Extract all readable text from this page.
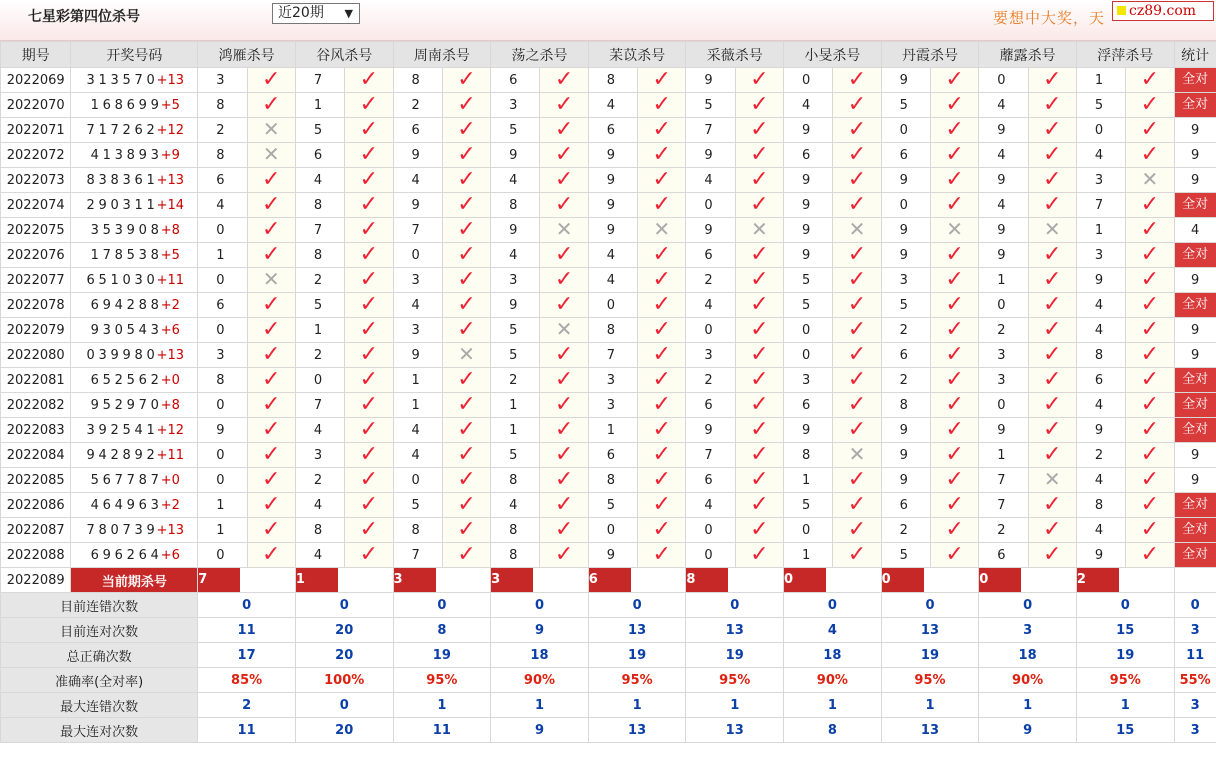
七星彩第四位杀号	近20期 ▼	要想中大奖，天	cz89.com
期号	开奖号码	鸿雁杀号		谷风杀号		周南杀号		荡之杀号		苿苡杀号		采薇杀号		小旻杀号		丹霞杀号		蘼露杀号		浮萍杀号		统计
2022069	3 1 3 5 7 0 +13	3	✓	7	✓	8	✓	6	✓	8	✓	9	✓	0	✓	9	✓	0	✓	1	✓	全对

2022070	1 6 8 6 9 9 +5	8	✓	1	✓	2	✓	3	✓	4	✓	5	✓	4	✓	5	✓	4	✓	5	✓	全对

2022071	7 1 7 2 6 2 +12	2	✕	5	✓	6	✓	5	✓	6	✓	7	✓	9	✓	0	✓	9	✓	0	✓	9
2022072	4 1 3 8 9 3 +9	8	✕	6	✓	9	✓	9	✓	9	✓	9	✓	6	✓	6	✓	4	✓	4	✓	9
2022073	8 3 8 3 6 1 +13	6	✓	4	✓	4	✓	4	✓	9	✓	4	✓	9	✓	9	✓	9	✓	3	✕	9
2022074	2 9 0 3 1 1 +14	4	✓	8	✓	9	✓	8	✓	9	✓	0	✓	9	✓	0	✓	4	✓	7	✓	全对

2022075	3 5 3 9 0 8 +8	0	✓	7	✓	7	✓	9	✕	9	✕	9	✕	9	✕	9	✕	9	✕	1	✓	4
2022076	1 7 8 5 3 8 +5	1	✓	8	✓	0	✓	4	✓	4	✓	6	✓	9	✓	9	✓	9	✓	3	✓	全对

2022077	6 5 1 0 3 0 +11	0	✕	2	✓	3	✓	3	✓	4	✓	2	✓	5	✓	3	✓	1	✓	9	✓	9
2022078	6 9 4 2 8 8 +2	6	✓	5	✓	4	✓	9	✓	0	✓	4	✓	5	✓	5	✓	0	✓	4	✓	全对

2022079	9 3 0 5 4 3 +6	0	✓	1	✓	3	✓	5	✕	8	✓	0	✓	0	✓	2	✓	2	✓	4	✓	9
2022080	0 3 9 9 8 0 +13	3	✓	2	✓	9	✕	5	✓	7	✓	3	✓	0	✓	6	✓	3	✓	8	✓	9
2022081	6 5 2 5 6 2 +0	8	✓	0	✓	1	✓	2	✓	3	✓	2	✓	3	✓	2	✓	3	✓	6	✓	全对

2022082	9 5 2 9 7 0 +8	0	✓	7	✓	1	✓	1	✓	3	✓	6	✓	6	✓	8	✓	0	✓	4	✓	全对

2022083	3 9 2 5 4 1 +12	9	✓	4	✓	4	✓	1	✓	1	✓	9	✓	9	✓	9	✓	9	✓	9	✓	全对

2022084	9 4 2 8 9 2 +11	0	✓	3	✓	4	✓	5	✓	6	✓	7	✓	8	✕	9	✓	1	✓	2	✓	9
2022085	5 6 7 7 8 7 +0	0	✓	2	✓	0	✓	8	✓	8	✓	6	✓	1	✓	9	✓	7	✕	4	✓	9
2022086	4 6 4 9 6 3 +2	1	✓	4	✓	5	✓	4	✓	5	✓	4	✓	5	✓	6	✓	7	✓	8	✓	全对

2022087	7 8 0 7 3 9 +13	1	✓	8	✓	8	✓	8	✓	0	✓	0	✓	0	✓	2	✓	2	✓	4	✓	全对

2022088	6 9 6 2 6 4 +6	0	✓	4	✓	7	✓	8	✓	9	✓	0	✓	1	✓	5	✓	6	✓	9	✓	全对

2022089	当前期杀号	7		1		3		3		6		8		0		0		0		2		
目前连错次数		0		0		0		0		0		0		0		0		0		0		0
目前连对次数		11		20		8		9		13		13		4		13		3		15		3
总正确次数		17		20		19		18		19		19		18		19		18		19		11
准确率(全对率)		85%		100%		95%		90%		95%		95%		90%		95%		90%		95%		55%
最大连错次数		2		0		1		1		1		1		1		1		1		1		3
最大连对次数		11		20		11		9		13		13		8		13		9		15		3
